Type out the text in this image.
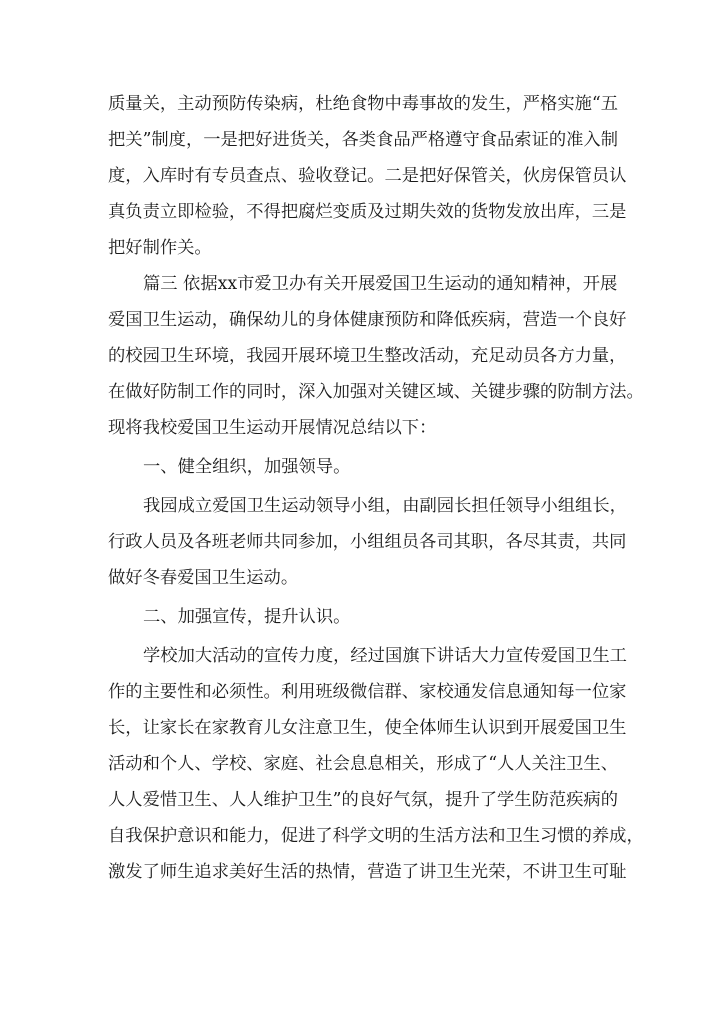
质量关，主动预防传染病，杜绝食物中毒事故的发生，严格实施“五
把关”制度，一是把好进货关，各类食品严格遵守食品索证的准入制
度，入库时有专员查点、验收登记。二是把好保管关，伙房保管员认
真负责立即检验，不得把腐烂变质及过期失效的货物发放出库，三是
把好制作关。
篇三 依据xx市爱卫办有关开展爱国卫生运动的通知精神，开展
爱国卫生运动，确保幼儿的身体健康预防和降低疾病，营造一个良好
的校园卫生环境，我园开展环境卫生整改活动，充足动员各方力量，
在做好防制工作的同时，深入加强对关键区域、关键步骤的防制方法。
现将我校爱国卫生运动开展情况总结以下：
一、健全组织，加强领导。
我园成立爱国卫生运动领导小组，由副园长担任领导小组组长，
行政人员及各班老师共同参加，小组组员各司其职，各尽其责，共同
做好冬春爱国卫生运动。
二、加强宣传，提升认识。
学校加大活动的宣传力度，经过国旗下讲话大力宣传爱国卫生工
作的主要性和必须性。利用班级微信群、家校通发信息通知每一位家
长，让家长在家教育儿女注意卫生，使全体师生认识到开展爱国卫生
活动和个人、学校、家庭、社会息息相关，形成了“人人关注卫生、
人人爱惜卫生、人人维护卫生”的良好气氛，提升了学生防范疾病的
自我保护意识和能力，促进了科学文明的生活方法和卫生习惯的养成，
激发了师生追求美好生活的热情，营造了讲卫生光荣，不讲卫生可耻
